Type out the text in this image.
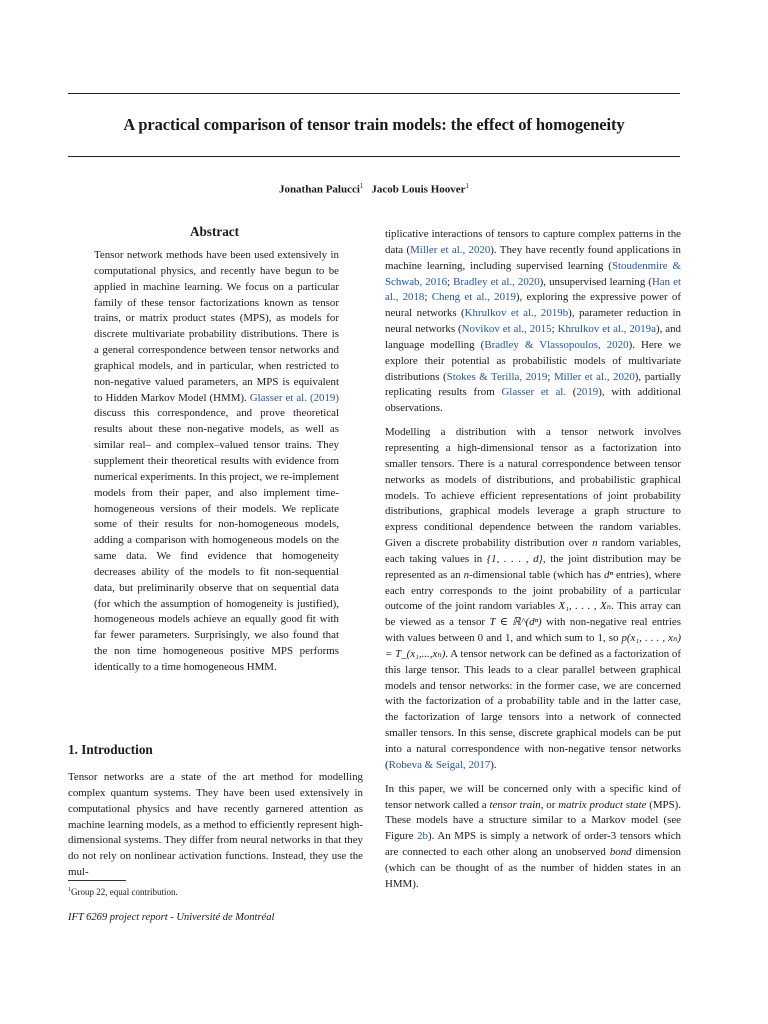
A practical comparison of tensor train models: the effect of homogeneity
Jonathan Palucci$^1$ Jacob Louis Hoover$^1$
Abstract
Tensor network methods have been used extensively in computational physics, and recently have begun to be applied in machine learning. We focus on a particular family of these tensor factorizations known as tensor trains, or matrix product states (MPS), as models for discrete multivariate probability distributions. There is a general correspondence between tensor networks and graphical models, and in particular, when restricted to non-negative valued parameters, an MPS is equivalent to Hidden Markov Model (HMM). Glasser et al. (2019) discuss this correspondence, and prove theoretical results about these non-negative models, as well as similar real– and complex–valued tensor trains. They supplement their theoretical results with evidence from numerical experiments. In this project, we re-implement models from their paper, and also implement time-homogeneous versions of their models. We replicate some of their results for non-homogeneous models, adding a comparison with homogeneous models on the same data. We find evidence that homogeneity decreases ability of the models to fit non-sequential data, but preliminarily observe that on sequential data (for which the assumption of homogeneity is justified), homogeneous models achieve an equally good fit with far fewer parameters. Surprisingly, we also found that the non time homogeneous positive MPS performs identically to a time homogeneous HMM.
1. Introduction
Tensor networks are a state of the art method for modelling complex quantum systems. They have been used extensively in computational physics and have recently garnered attention as machine learning models, as a method to efficiently represent high-dimensional systems. They differ from neural networks in that they do not rely on nonlinear activation functions. Instead, they use the mul-
$^1$Group 22, equal contribution.
IFT 6269 project report - Université de Montréal

tiplicative interactions of tensors to capture complex patterns in the data (Miller et al., 2020). They have recently found applications in machine learning, including supervised learning (Stoudenmire & Schwab, 2016; Bradley et al., 2020), unsupervised learning (Han et al., 2018; Cheng et al., 2019), exploring the expressive power of neural networks (Khrulkov et al., 2019b), parameter reduction in neural networks (Novikov et al., 2015; Khrulkov et al., 2019a), and language modelling (Bradley & Vlassopoulos, 2020). Here we explore their potential as probabilistic models of multivariate distributions (Stokes & Terilla, 2019; Miller et al., 2020), partially replicating results from Glasser et al. (2019), with additional observations.

Modelling a distribution with a tensor network involves representing a high-dimensional tensor as a factorization into smaller tensors. There is a natural correspondence between tensor networks as models of distributions, and probabilistic graphical models. To achieve efficient representations of joint probability distributions, graphical models leverage a graph structure to express conditional dependence between the random variables. Given a discrete probability distribution over n random variables, each taking values in {1, . . . , d}, the joint distribution may be represented as an n-dimensional table (which has dⁿ entries), where each entry corresponds to the joint probability of a particular outcome of the joint random variables X₁, . . . , Xₙ. This array can be viewed as a tensor T ∈ ℝ^(dⁿ) with non-negative real entries with values between 0 and 1, and which sum to 1, so p(x₁, . . . , xₙ) = T_(x₁,...,xₙ). A tensor network can be defined as a factorization of this large tensor. This leads to a clear parallel between graphical models and tensor networks: in the former case, we are concerned with the factorization of a probability table and in the latter case, the factorization of large tensors into a network of connected smaller tensors. In this sense, discrete graphical models can be put into a natural correspondence with non-negative tensor networks (Robeva & Seigal, 2017).

In this paper, we will be concerned only with a specific kind of tensor network called a tensor train, or matrix product state (MPS). These models have a structure similar to a Markov model (see Figure 2b). An MPS is simply a network of order-3 tensors which are connected to each other along an unobserved bond dimension (which can be thought of as the number of hidden states in an HMM).
